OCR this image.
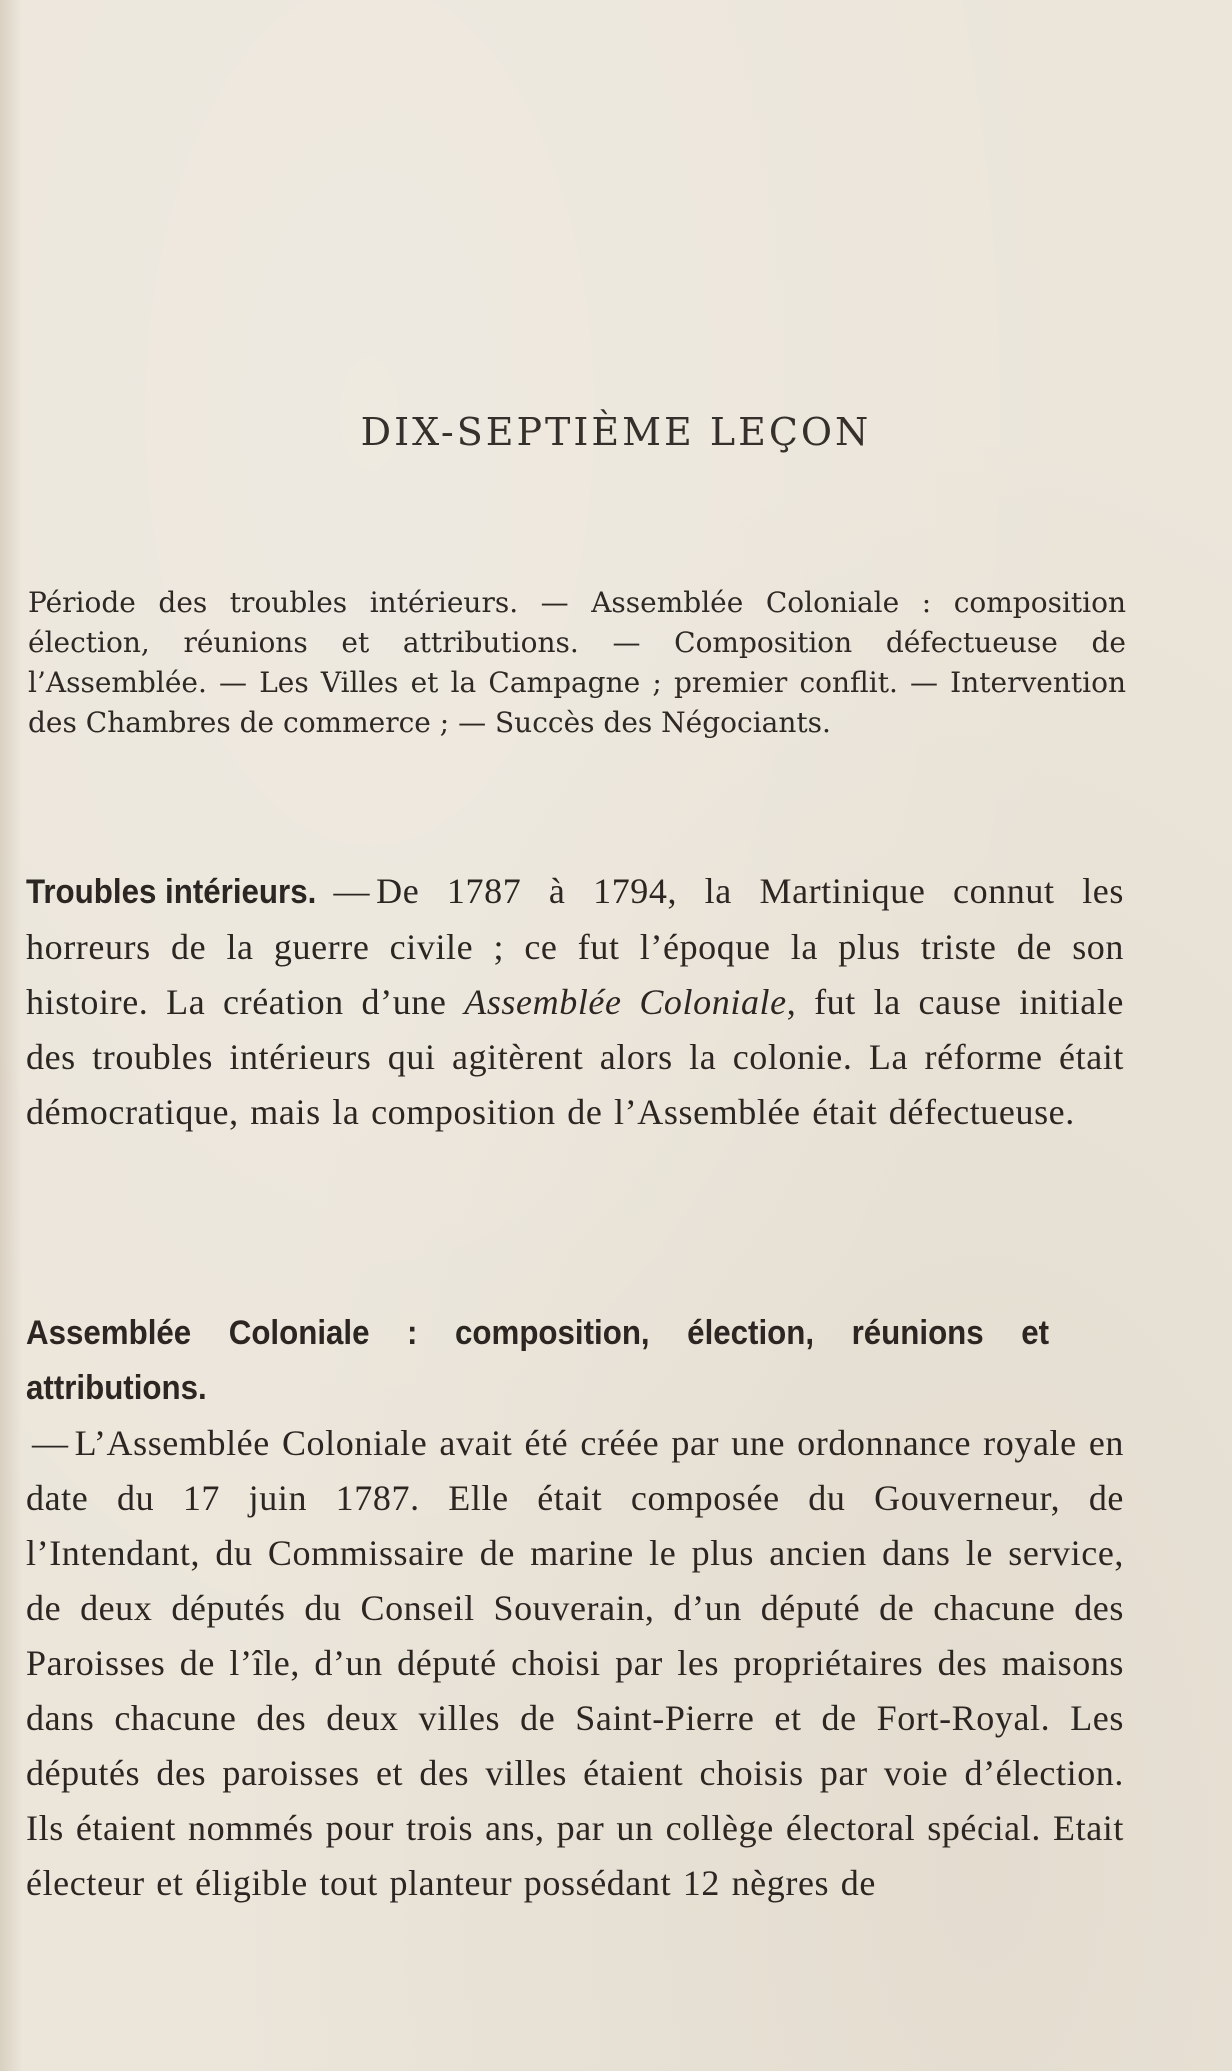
DIX-SEPTIÈME LEÇON

Période des troubles intérieurs. — Assemblée Coloniale : composition élection, réunions et attributions. — Composition défectueuse de l’Assemblée. — Les Villes et la Campagne ; premier conflit. — Intervention des Chambres de commerce ; — Succès des Négociants.

Troubles intérieurs. — De 1787 à 1794, la Martinique connut les horreurs de la guerre civile ; ce fut l’époque la plus triste de son histoire. La création d’une Assemblée Coloniale, fut la cause initiale des troubles intérieurs qui agitèrent alors la colonie. La réforme était démocratique, mais la composition de l’Assemblée était défectueuse.

Assemblée Coloniale : composition, élection, réunions et attributions.— L’Assemblée Coloniale avait été créée par une ordonnance royale en date du 17 juin 1787. Elle était composée du Gouverneur, de l’Intendant, du Commissaire de marine le plus ancien dans le service, de deux députés du Conseil Souverain, d’un député de chacune des Paroisses de l’île, d’un député choisi par les propriétaires des maisons dans chacune des deux villes de Saint-Pierre et de Fort-Royal. Les députés des paroisses et des villes étaient choisis par voie d’élection. Ils étaient nommés pour trois ans, par un collège électoral spécial. Etait électeur et éligible tout planteur possédant 12 nègres de
